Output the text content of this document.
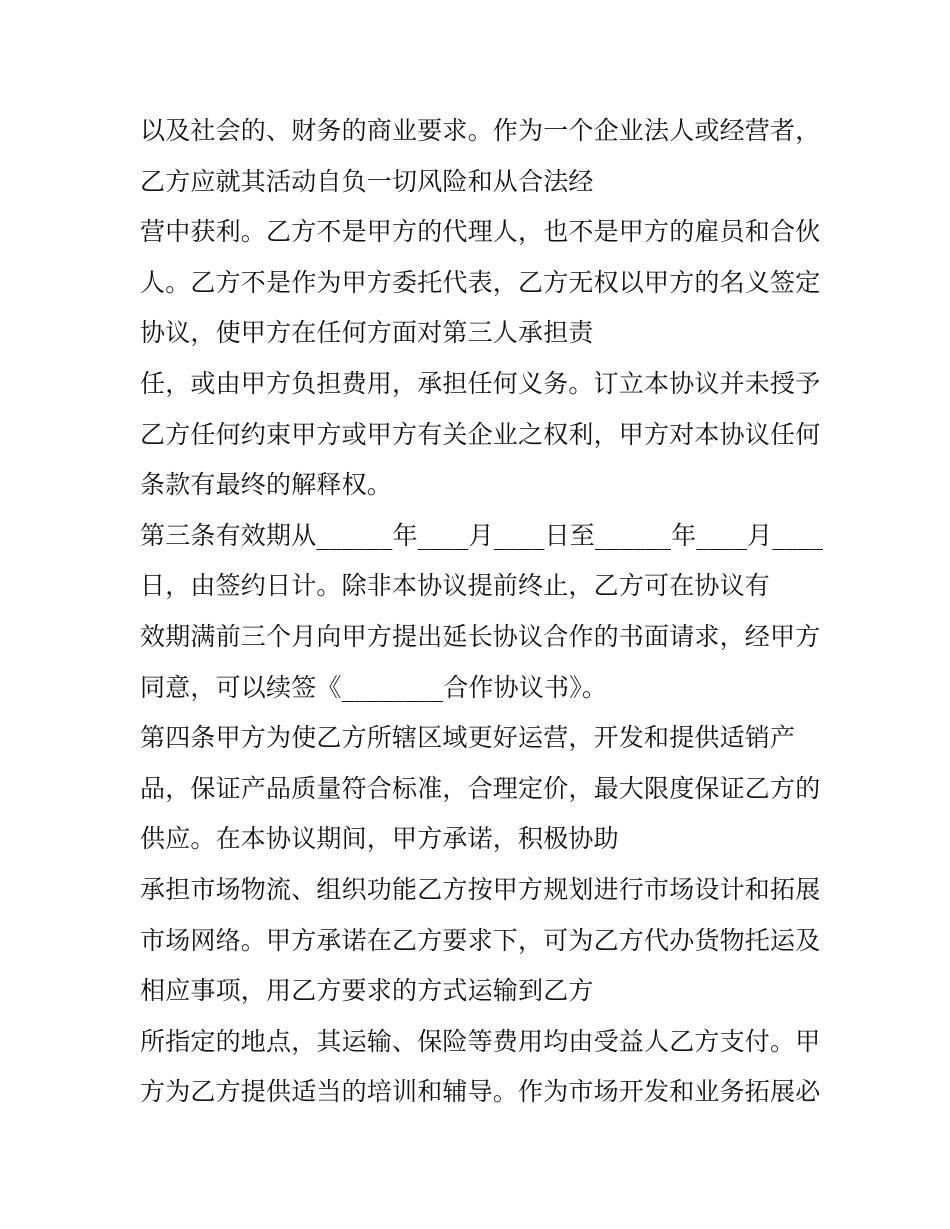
以及社会的、财务的商业要求。作为一个企业法人或经营者，
乙方应就其活动自负一切风险和从合法经
营中获利。乙方不是甲方的代理人，也不是甲方的雇员和合伙
人。乙方不是作为甲方委托代表，乙方无权以甲方的名义签定
协议，使甲方在任何方面对第三人承担责
任，或由甲方负担费用，承担任何义务。订立本协议并未授予
乙方任何约束甲方或甲方有关企业之权利，甲方对本协议任何
条款有最终的解释权。
第三条有效期从______年____月____日至______年____月____
日，由签约日计。除非本协议提前终止，乙方可在协议有
效期满前三个月向甲方提出延长协议合作的书面请求，经甲方
同意，可以续签《________合作协议书》。
第四条甲方为使乙方所辖区域更好运营，开发和提供适销产
品，保证产品质量符合标准，合理定价，最大限度保证乙方的
供应。在本协议期间，甲方承诺，积极协助
承担市场物流、组织功能乙方按甲方规划进行市场设计和拓展
市场网络。甲方承诺在乙方要求下，可为乙方代办货物托运及
相应事项，用乙方要求的方式运输到乙方
所指定的地点，其运输、保险等费用均由受益人乙方支付。甲
方为乙方提供适当的培训和辅导。作为市场开发和业务拓展必
